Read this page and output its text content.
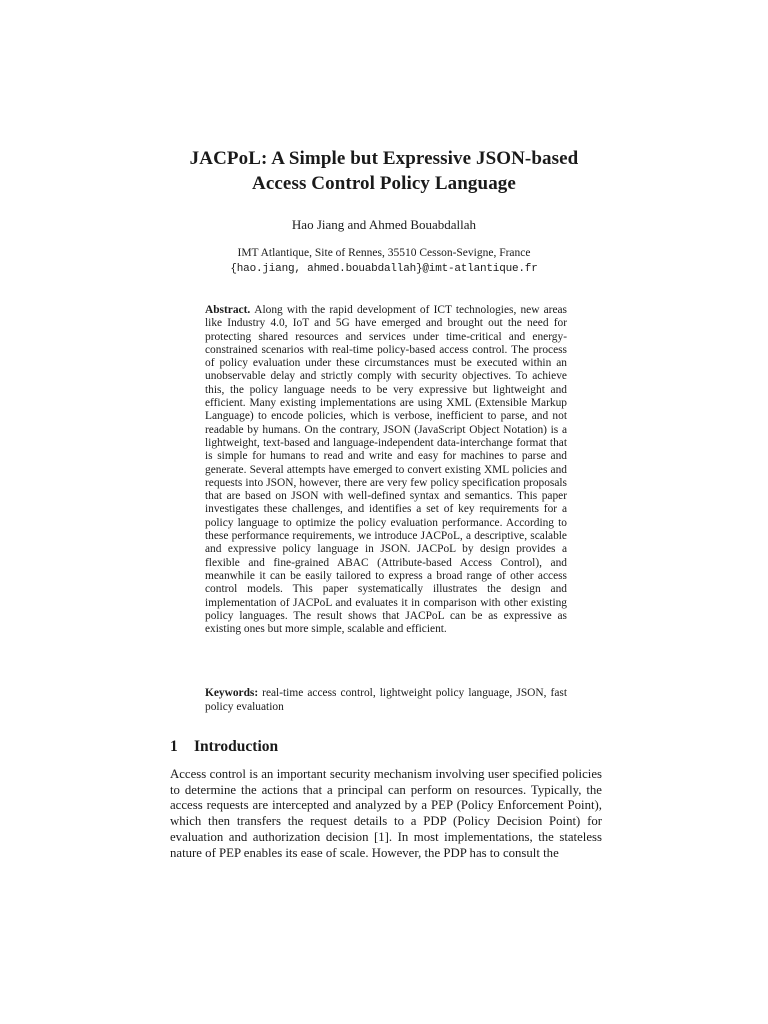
JACPoL: A Simple but Expressive JSON-based
Access Control Policy Language
Hao Jiang and Ahmed Bouabdallah
IMT Atlantique, Site of Rennes, 35510 Cesson-Sevigne, France
{hao.jiang, ahmed.bouabdallah}@imt-atlantique.fr

Abstract. Along with the rapid development of ICT technologies, new areas like Industry 4.0, IoT and 5G have emerged and brought out the need for protecting shared resources and services under time-critical and energy-constrained scenarios with real-time policy-based access control. The process of policy evaluation under these circumstances must be executed within an unobservable delay and strictly comply with security objectives. To achieve this, the policy language needs to be very expressive but lightweight and efficient. Many existing implementations are using XML (Extensible Markup Language) to encode policies, which is verbose, inefficient to parse, and not readable by humans. On the contrary, JSON (JavaScript Object Notation) is a lightweight, text-based and language-independent data-interchange format that is simple for humans to read and write and easy for machines to parse and generate. Several attempts have emerged to convert existing XML policies and requests into JSON, however, there are very few policy specification proposals that are based on JSON with well-defined syntax and semantics. This paper investigates these challenges, and identifies a set of key requirements for a policy language to optimize the policy evaluation performance. According to these performance requirements, we introduce JACPoL, a descriptive, scalable and expressive policy language in JSON. JACPoL by design provides a flexible and fine-grained ABAC (Attribute-based Access Control), and meanwhile it can be easily tailored to express a broad range of other access control models. This paper systematically illustrates the design and implementation of JACPoL and evaluates it in comparison with other existing policy languages. The result shows that JACPoL can be as expressive as existing ones but more simple, scalable and efficient.

Keywords: real-time access control, lightweight policy language, JSON, fast policy evaluation
1 Introduction

Access control is an important security mechanism involving user specified policies to determine the actions that a principal can perform on resources. Typically, the access requests are intercepted and analyzed by a PEP (Policy Enforcement Point), which then transfers the request details to a PDP (Policy Decision Point) for evaluation and authorization decision [1]. In most implementations, the stateless nature of PEP enables its ease of scale. However, the PDP has to consult the
